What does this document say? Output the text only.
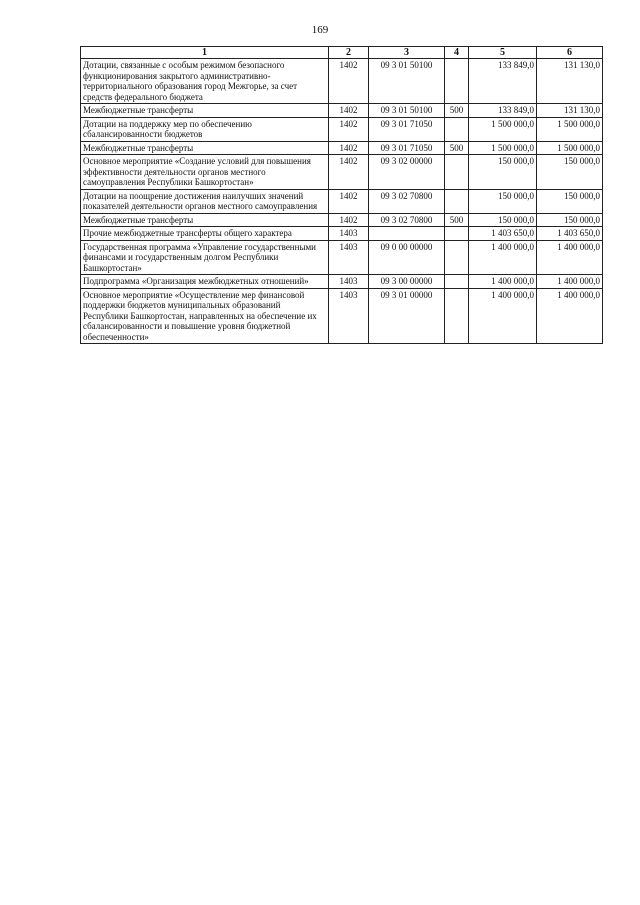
169
1	2	3	4	5	6
Дотации, связанные с особым режимом безопасного функционирования закрытого административно-территориального образования город Межгорье, за счет средств федерального бюджета	1402	09 3 01 50100		133 849,0	131 130,0
Межбюджетные трансферты	1402	09 3 01 50100	500	133 849,0	131 130,0
Дотации на поддержку мер по обеспечению сбалансированности бюджетов	1402	09 3 01 71050		1 500 000,0	1 500 000,0
Межбюджетные трансферты	1402	09 3 01 71050	500	1 500 000,0	1 500 000,0
Основное мероприятие «Создание условий для повышения эффективности деятельности органов местного самоуправления Республики Башкортостан»	1402	09 3 02 00000		150 000,0	150 000,0
Дотации на поощрение достижения наилучших значений показателей деятельности органов местного самоуправления	1402	09 3 02 70800		150 000,0	150 000,0
Межбюджетные трансферты	1402	09 3 02 70800	500	150 000,0	150 000,0
Прочие межбюджетные трансферты общего характера	1403			1 403 650,0	1 403 650,0
Государственная программа «Управление государственными финансами и государственным долгом Республики Башкортостан»	1403	09 0 00 00000		1 400 000,0	1 400 000,0
Подпрограмма «Организация межбюджетных отношений»	1403	09 3 00 00000		1 400 000,0	1 400 000,0
Основное мероприятие «Осуществление мер финансовой поддержки бюджетов муниципальных образований Республики Башкортостан, направленных на обеспечение их сбалансированности и повышение уровня бюджетной обеспеченности»	1403	09 3 01 00000		1 400 000,0	1 400 000,0
